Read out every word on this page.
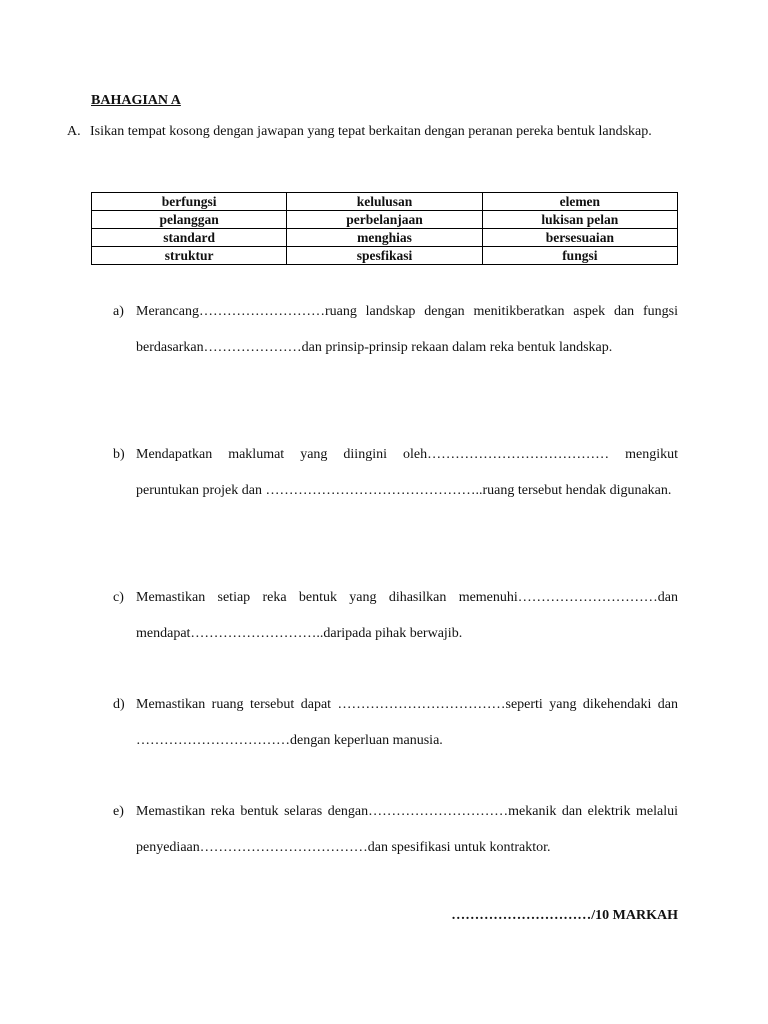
BAHAGIAN A
A. Isikan tempat kosong dengan jawapan yang tepat berkaitan dengan peranan pereka bentuk landskap.
berfungsi	kelulusan	elemen
pelanggan	perbelanjaan	lukisan pelan
standard	menghias	bersesuaian
struktur	spesfikasi	fungsi
a) Merancang………………………ruang landskap dengan menitikberatkan aspek dan fungsi berdasarkan…………………dan prinsip-prinsip rekaan dalam reka bentuk landskap.
b) Mendapatkan maklumat yang diingini oleh………………………………… mengikut peruntukan projek dan ………………………………………..ruang tersebut hendak digunakan.
c) Memastikan setiap reka bentuk yang dihasilkan memenuhi…………………………dan mendapat………………………..daripada pihak berwajib.
d) Memastikan ruang tersebut dapat ………………………………seperti yang dikehendaki dan ……………………………dengan keperluan manusia.
e) Memastikan reka bentuk selaras dengan…………………………mekanik dan elektrik melalui penyediaan………………………………dan spesifikasi untuk kontraktor.
…………………………/10 MARKAH
